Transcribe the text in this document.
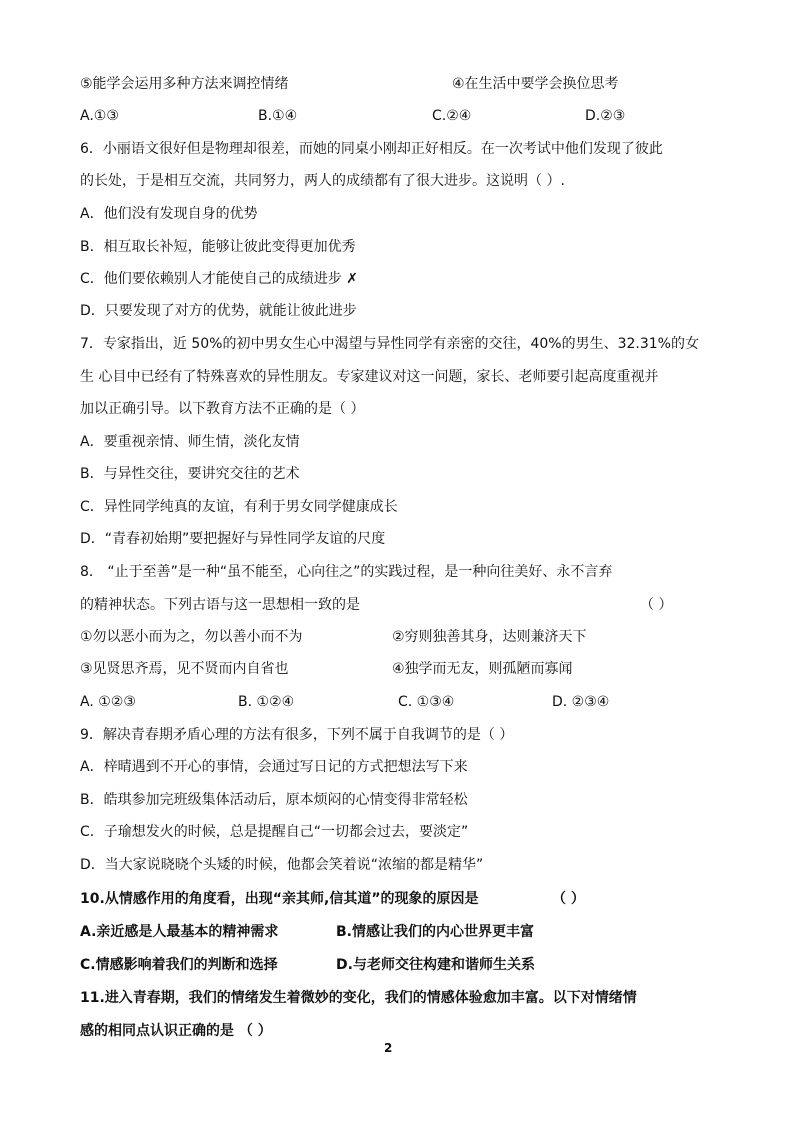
⑤能学会运用多种方法来调控情绪	④在生活中要学会换位思考
A.①③	B.①④	C.②④	D.②③
6．小丽语文很好但是物理却很差，而她的同桌小刚却正好相反。在一次考试中他们发现了彼此
的长处，于是相互交流，共同努力，两人的成绩都有了很大进步。这说明（ ）.
A．他们没有发现自身的优势
B．相互取长补短，能够让彼此变得更加优秀
C．他们要依赖别人才能使自己的成绩进步 ✗
D．只要发现了对方的优势，就能让彼此进步
7．专家指出，近 50%的初中男女生心中渴望与异性同学有亲密的交往，40%的男生、32.31%的女
生 心目中已经有了特殊喜欢的异性朋友。专家建议对这一问题，家长、老师要引起高度重视并
加以正确引导。以下教育方法不正确的是（ ）
A．要重视亲情、师生情，淡化友情
B．与异性交往，要讲究交往的艺术
C．异性同学纯真的友谊，有利于男女同学健康成长
D．“青春初始期”要把握好与异性同学友谊的尺度
8． “止于至善”是一种“虽不能至，心向往之”的实践过程，是一种向往美好、永不言弃
的精神状态。下列古语与这一思想相一致的是	（ ）
①勿以恶小而为之，勿以善小而不为	②穷则独善其身，达则兼济天下
③见贤思齐焉，见不贤而内自省也	④独学而无友，则孤陋而寡闻
A. ①②③	B. ①②④	C. ①③④	D. ②③④
9．解决青春期矛盾心理的方法有很多，下列不属于自我调节的是（ ）
A．梓晴遇到不开心的事情，会通过写日记的方式把想法写下来
B．皓琪参加完班级集体活动后，原本烦闷的心情变得非常轻松
C．子瑜想发火的时候，总是提醒自己“一切都会过去，要淡定”
D．当大家说晓晓个头矮的时候，他都会笑着说“浓缩的都是精华”
10.从情感作用的角度看，出现“亲其师,信其道”的现象的原因是	（ ）
A.亲近感是人最基本的精神需求	B.情感让我们的内心世界更丰富
C.情感影响着我们的判断和选择	D.与老师交往构建和谐师生关系
11.进入青春期，我们的情绪发生着微妙的变化，我们的情感体验愈加丰富。以下对情绪情
感的相同点认识正确的是 （ ）
2
